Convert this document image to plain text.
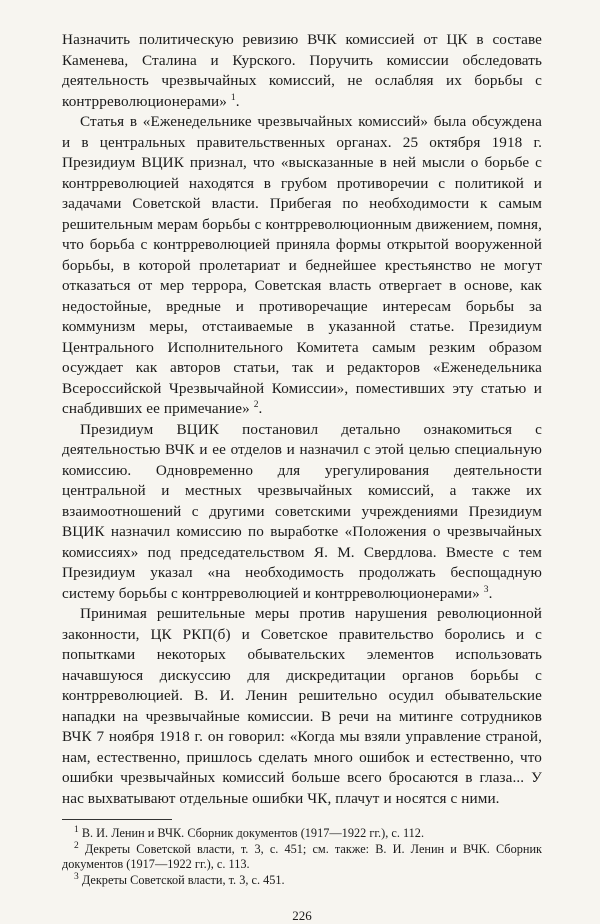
Назначить политическую ревизию ВЧК комиссией от ЦК в составе Каменева, Сталина и Курского. Поручить комиссии обследовать деятельность чрезвычайных комиссий, не ослабляя их борьбы с контрреволюционерами» $^1$.

Статья в «Еженедельнике чрезвычайных комиссий» была обсуждена и в центральных правительственных органах. 25 октября 1918 г. Президиум ВЦИК признал, что «высказанные в ней мысли о борьбе с контрреволюцией находятся в грубом противоречии с политикой и задачами Советской власти. Прибегая по необходимости к самым решительным мерам борьбы с контрреволюционным движением, помня, что борьба с контрреволюцией приняла формы открытой вооруженной борьбы, в которой пролетариат и беднейшее крестьянство не могут отказаться от мер террора, Советская власть отвергает в основе, как недостойные, вредные и противоречащие интересам борьбы за коммунизм меры, отстаиваемые в указанной статье. Президиум Центрального Исполнительного Комитета самым резким образом осуждает как авторов статьи, так и редакторов «Еженедельника Всероссийской Чрезвычайной Комиссии», поместивших эту статью и снабдивших ее примечание» $^2$.

Президиум ВЦИК постановил детально ознакомиться с деятельностью ВЧК и ее отделов и назначил с этой целью специальную комиссию. Одновременно для урегулирования деятельности центральной и местных чрезвычайных комиссий, а также их взаимоотношений с другими советскими учреждениями Президиум ВЦИК назначил комиссию по выработке «Положения о чрезвычайных комиссиях» под председательством Я. М. Свердлова. Вместе с тем Президиум указал «на необходимость продолжать беспощадную систему борьбы с контрреволюцией и контрреволюционерами» $^3$.

Принимая решительные меры против нарушения революционной законности, ЦК РКП(б) и Советское правительство боролись и с попытками некоторых обывательских элементов использовать начавшуюся дискуссию для дискредитации органов борьбы с контрреволюцией. В. И. Ленин решительно осудил обывательские нападки на чрезвычайные комиссии. В речи на митинге сотрудников ВЧК 7 ноября 1918 г. он говорил: «Когда мы взяли управление страной, нам, естественно, пришлось сделать много ошибок и естественно, что ошибки чрезвычайных комиссий больше всего бросаются в глаза... У нас выхватывают отдельные ошибки ЧК, плачут и носятся с ними.

$^1$ В. И. Ленин и ВЧК. Сборник документов (1917—1922 гг.), с. 112.

$^2$ Декреты Советской власти, т. 3, с. 451; см. также: В. И. Ленин и ВЧК. Сборник документов (1917—1922 гг.), с. 113.

$^3$ Декреты Советской власти, т. 3, с. 451.

226
